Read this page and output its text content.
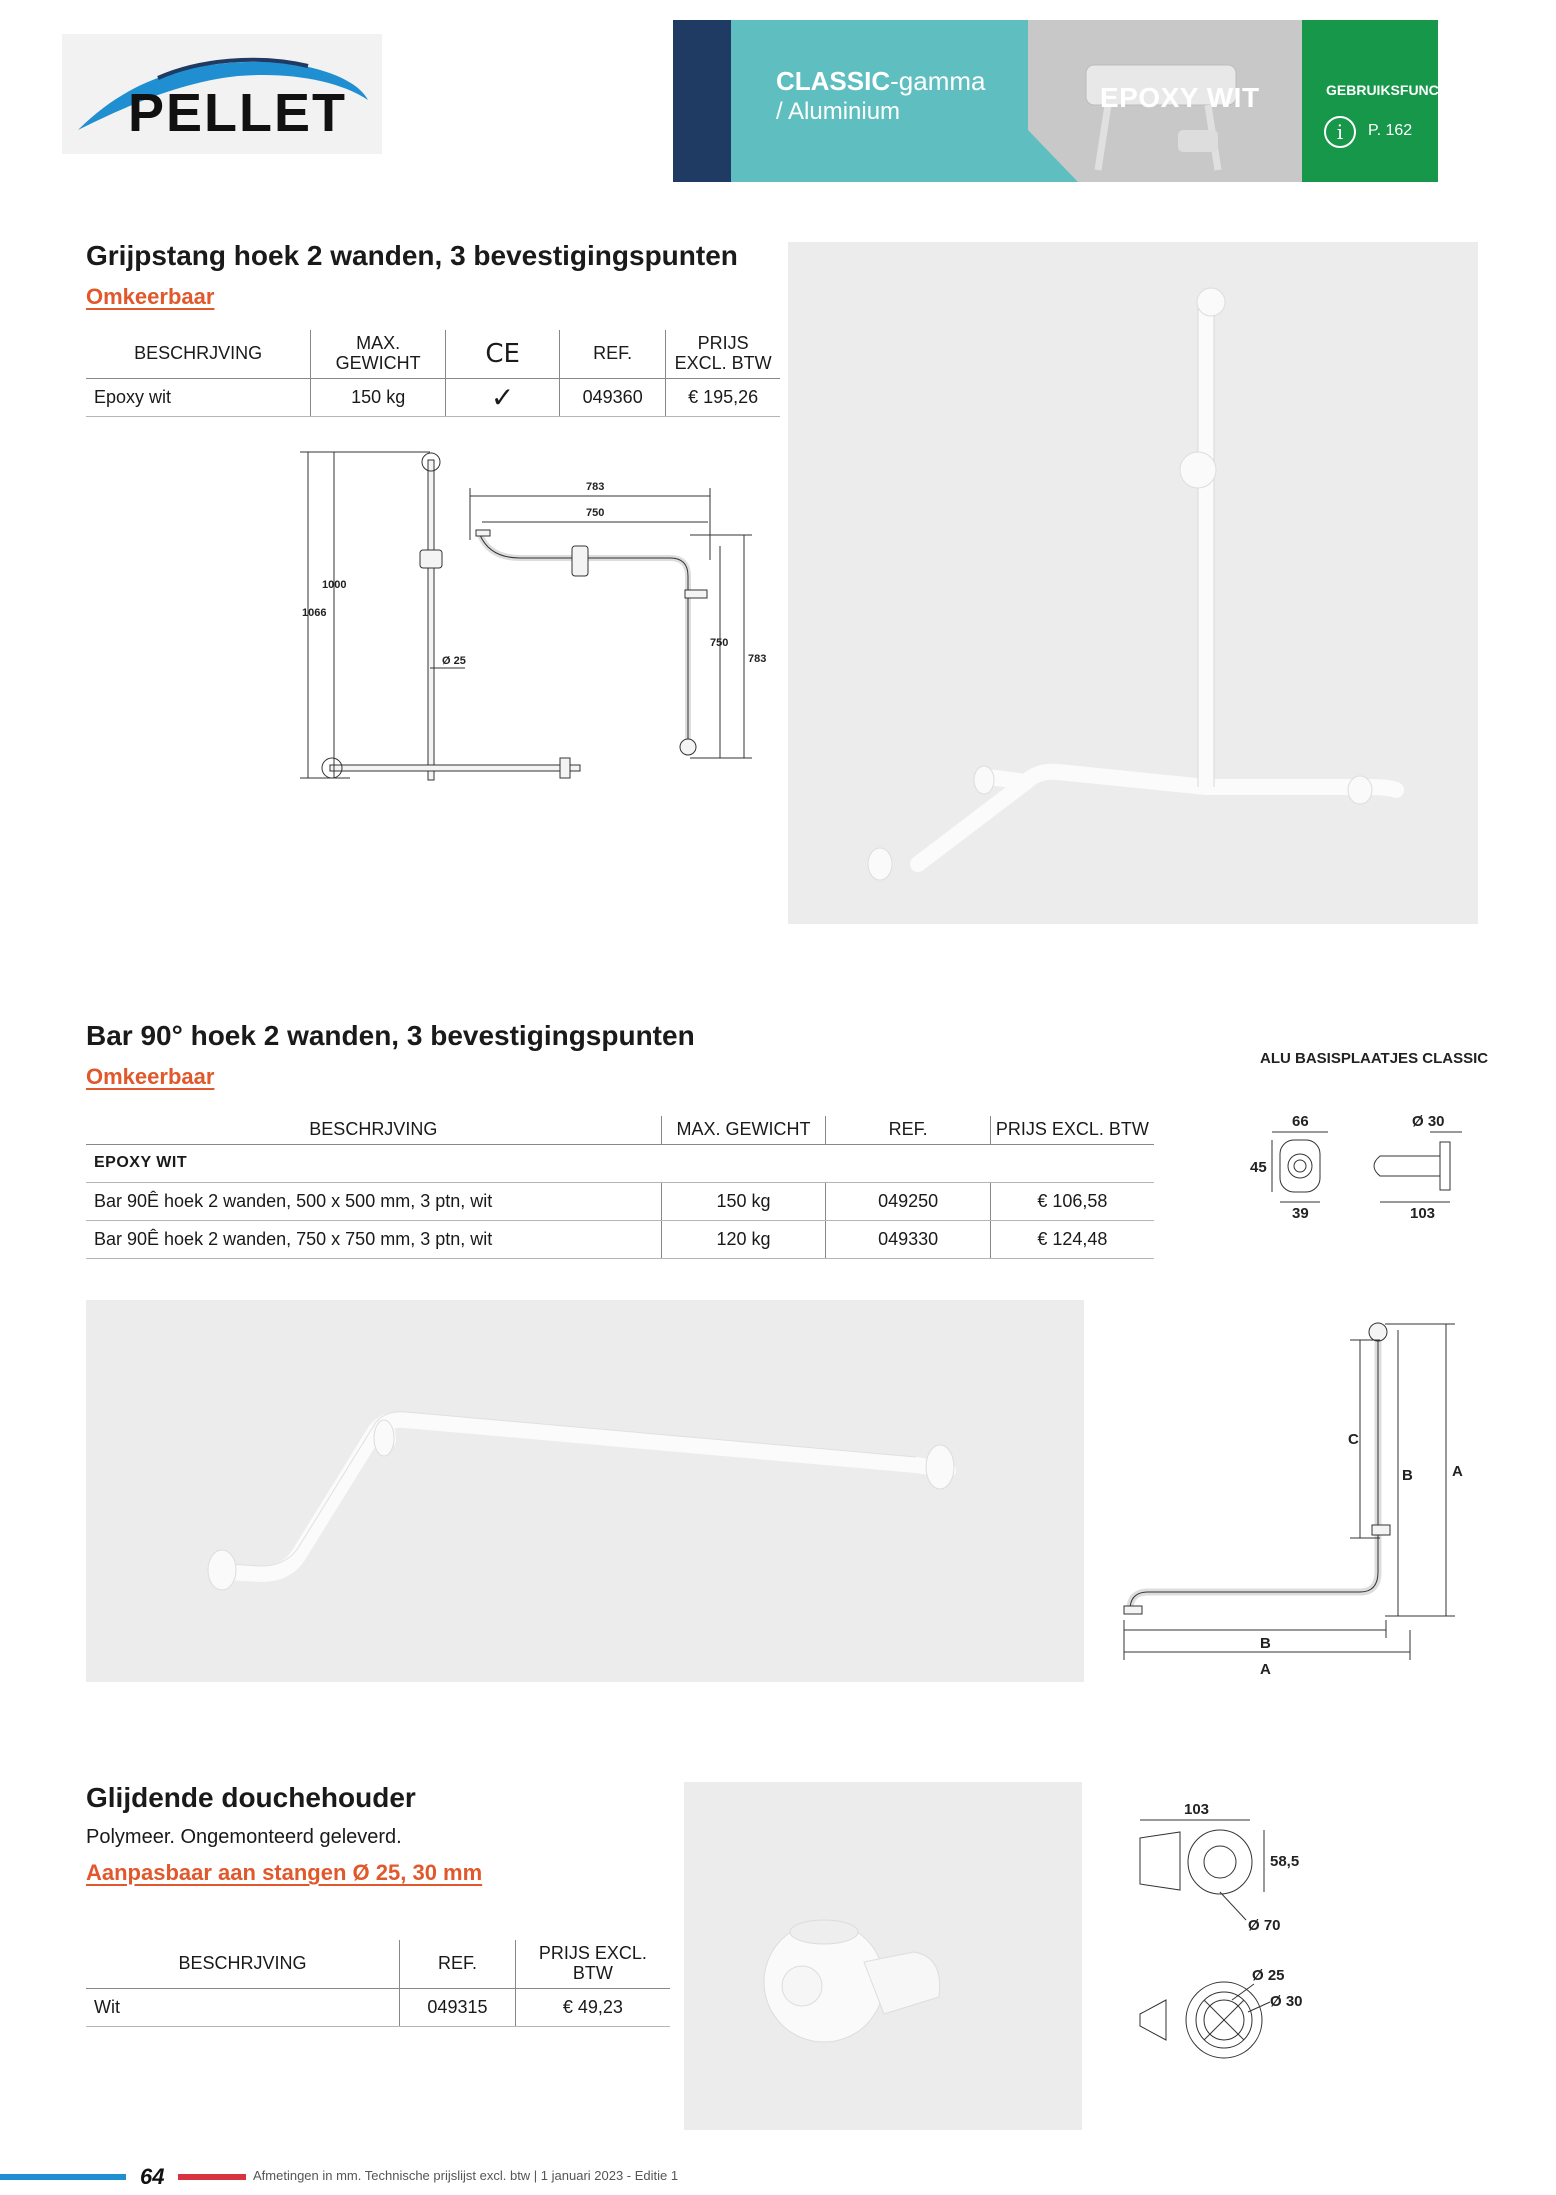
PELLET
CLASSIC-gamma
/ Aluminium	EPOXY WIT	GEBRUIKSFUNCTIES
i	P. 162
Grijpstang hoek 2 wanden, 3 bevestigingspunten
Omkeerbaar
BESCHRJVING	MAX. GEWICHT	CE	REF.	PRIJS EXCL. BTW
Epoxy wit	150 kg	✓	049360	€ 195,26
1066
1000
Ø 25
783
750
750
783
Bar 90° hoek 2 wanden, 3 bevestigingspunten
Omkeerbaar
ALU BASISPLAATJES CLASSIC
66
45
39
Ø 30
103
BESCHRJVING	MAX. GEWICHT	REF.	PRIJS EXCL. BTW
EPOXY WIT			
Bar 90Ê hoek 2 wanden, 500 x 500 mm, 3 ptn, wit	150 kg	049250	€ 106,58
Bar 90Ê hoek 2 wanden, 750 x 750 mm, 3 ptn, wit	120 kg	049330	€ 124,48
C
B	A
B
A
Glijdende douchehouder
Polymeer. Ongemonteerd geleverd.
Aanpasbaar aan stangen Ø 25, 30 mm
BESCHRJVING	REF.	PRIJS EXCL. BTW
Wit	049315	€ 49,23
103
58,5
Ø 70
Ø 25
Ø 30
64	Afmetingen in mm. Technische prijslijst excl. btw | 1 januari 2023 - Editie 1
